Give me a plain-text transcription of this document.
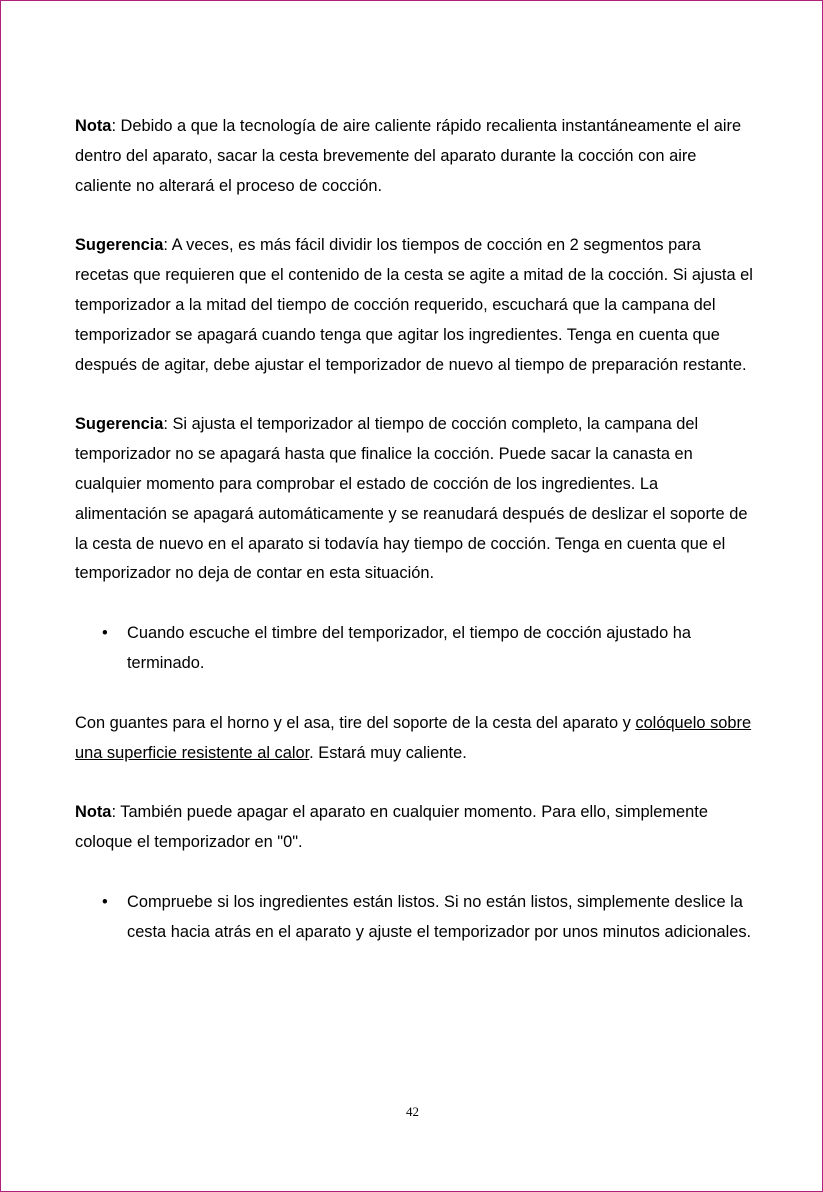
Nota: Debido a que la tecnología de aire caliente rápido recalienta instantáneamente el aire dentro del aparato, sacar la cesta brevemente del aparato durante la cocción con aire caliente no alterará el proceso de cocción.

Sugerencia: A veces, es más fácil dividir los tiempos de cocción en 2 segmentos para recetas que requieren que el contenido de la cesta se agite a mitad de la cocción. Si ajusta el temporizador a la mitad del tiempo de cocción requerido, escuchará que la campana del temporizador se apagará cuando tenga que agitar los ingredientes. Tenga en cuenta que después de agitar, debe ajustar el temporizador de nuevo al tiempo de preparación restante.

Sugerencia: Si ajusta el temporizador al tiempo de cocción completo, la campana del temporizador no se apagará hasta que finalice la cocción. Puede sacar la canasta en cualquier momento para comprobar el estado de cocción de los ingredientes. La alimentación se apagará automáticamente y se reanudará después de deslizar el soporte de la cesta de nuevo en el aparato si todavía hay tiempo de cocción. Tenga en cuenta que el temporizador no deja de contar en esta situación.

• Cuando escuche el timbre del temporizador, el tiempo de cocción ajustado ha terminado.

Con guantes para el horno y el asa, tire del soporte de la cesta del aparato y colóquelo sobre una superficie resistente al calor. Estará muy caliente.

Nota: También puede apagar el aparato en cualquier momento. Para ello, simplemente coloque el temporizador en "0".

• Compruebe si los ingredientes están listos. Si no están listos, simplemente deslice la cesta hacia atrás en el aparato y ajuste el temporizador por unos minutos adicionales.
42
